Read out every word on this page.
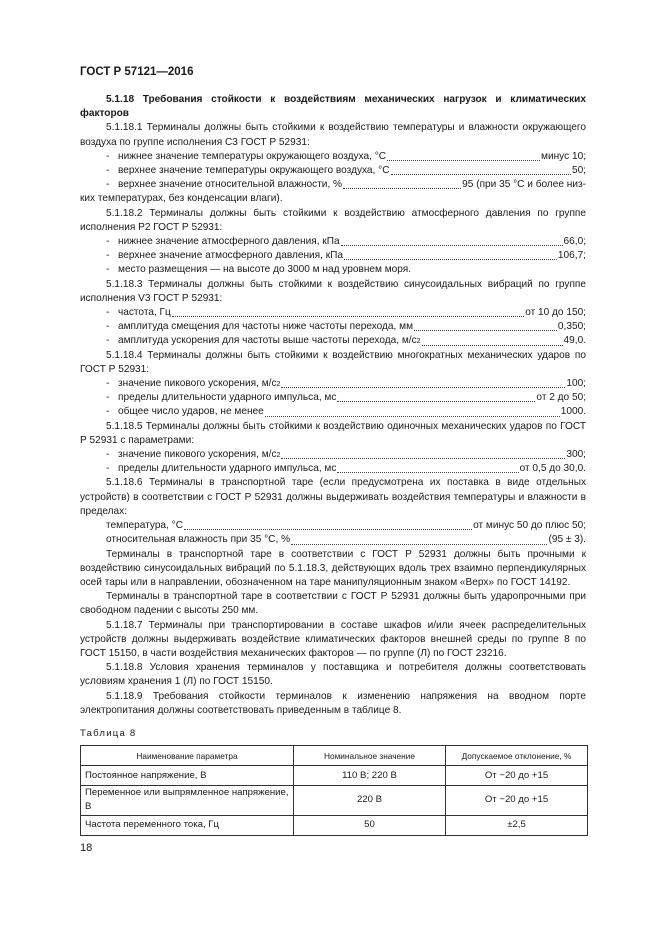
ГОСТ Р 57121—2016

5.1.18 Требования стойкости к воздействиям механических нагрузок и климатических факторов

5.1.18.1 Терминалы должны быть стойкими к воздействию температуры и влажности окружающего воздуха по группе исполнения С3 ГОСТ Р 52931:

- нижнее значение температуры окружающего воздуха, °С	минус 10;
- верхнее значение температуры окружающего воздуха, °С	50;
- верхнее значение относительной влажности, %	95 (при 35 °С и более низ-

ких температурах, без конденсации влаги).

5.1.18.2 Терминалы должны быть стойкими к воздействию атмосферного давления по группе исполнения Р2 ГОСТ Р 52931:

- нижнее значение атмосферного давления, кПа	66,0;
- верхнее значение атмосферного давления, кПа	106,7;
- место размещения — на высоте до 3000 м над уровнем моря.

5.1.18.3 Терминалы должны быть стойкими к воздействию синусоидальных вибраций по группе исполнения V3 ГОСТ Р 52931:

- частота, Гц	от 10 до 150;
- амплитуда смещения для частоты ниже частоты перехода, мм	0,350;
- амплитуда ускорения для частоты выше частоты перехода, м/с 2	49,0.

5.1.18.4 Терминалы должны быть стойкими к воздействию многократных механических ударов по ГОСТ Р 52931:

- значение пикового ускорения, м/с 2	100;
- пределы длительности ударного импульса, мс	от 2 до 50;
- общее число ударов, не менее	1000.

5.1.18.5 Терминалы должны быть стойкими к воздействию одиночных механических ударов по ГОСТ Р 52931 с параметрами:

- значение пикового ускорения, м/с 2	300;
- пределы длительности ударного импульса, мс	от 0,5 до 30,0.

5.1.18.6 Терминалы в транспортной таре (если предусмотрена их поставка в виде отдельных устройств) в соответствии с ГОСТ Р 52931 должны выдерживать воздействия температуры и влажности в пределах:

температура, °С	от минус 50 до плюс 50;
относительная влажность при 35 °С, %	(95 ± 3).

Терминалы в транспортной таре в соответствии с ГОСТ Р 52931 должны быть прочными к воздействию синусоидальных вибраций по 5.1.18.3, действующих вдоль трех взаимно перпендикулярных осей тары или в направлении, обозначенном на таре манипуляционным знаком «Верх» по ГОСТ 14192.

Терминалы в транспортной таре в соответствии с ГОСТ Р 52931 должны быть ударопрочными при свободном падении с высоты 250 мм.

5.1.18.7 Терминалы при транспортировании в составе шкафов и/или ячеек распределительных устройств должны выдерживать воздействие климатических факторов внешней среды по группе 8 по ГОСТ 15150, в части воздействия механических факторов — по группе (Л) по ГОСТ 23216.

5.1.18.8 Условия хранения терминалов у поставщика и потребителя должны соответствовать условиям хранения 1 (Л) по ГОСТ 15150.

5.1.18.9 Требования стойкости терминалов к изменению напряжения на вводном порте электропитания должны соответствовать приведенным в таблице 8.

Таблица 8
Наименование параметра	Номинальное значение	Допускаемое отклонение, %
Постоянное напряжение, В	110 В; 220 В	От −20 до +15
Переменное или выпрямленное напряжение, В	220 В	От −20 до +15
Частота переменного тока, Гц	50	±2,5
18
